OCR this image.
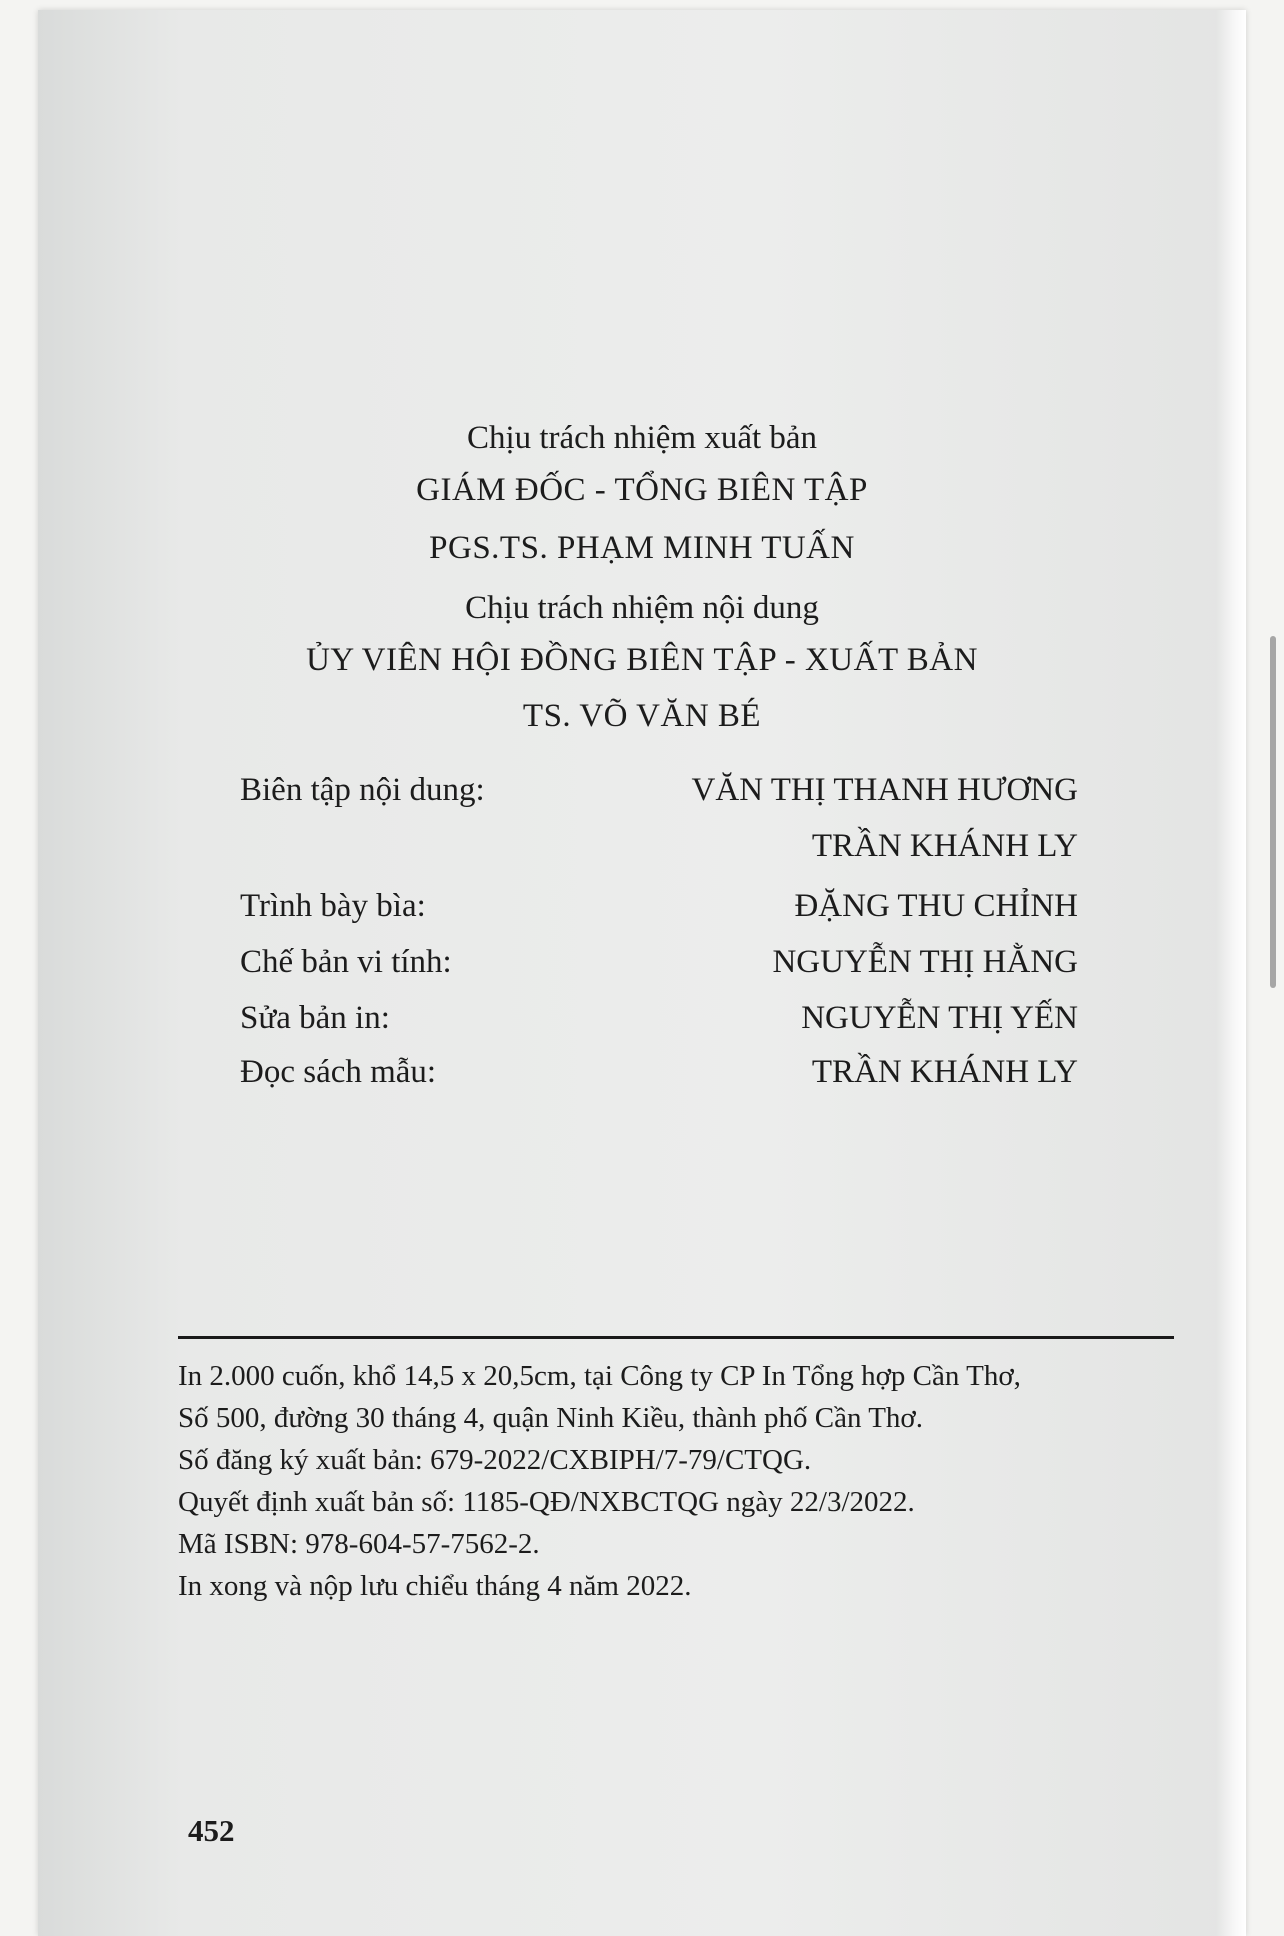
Chịu trách nhiệm xuất bản
GIÁM ĐỐC - TỔNG BIÊN TẬP
PGS.TS. PHẠM MINH TUẤN
Chịu trách nhiệm nội dung
ỦY VIÊN HỘI ĐỒNG BIÊN TẬP - XUẤT BẢN
TS. VÕ VĂN BÉ
Biên tập nội dung:	VĂN THỊ THANH HƯƠNG
TRẦN KHÁNH LY
Trình bày bìa:	ĐẶNG THU CHỈNH
Chế bản vi tính:	NGUYỄN THỊ HẰNG
Sửa bản in:	NGUYỄN THỊ YẾN
Đọc sách mẫu:	TRẦN KHÁNH LY
In 2.000 cuốn, khổ 14,5 x 20,5cm, tại Công ty CP In Tổng hợp Cần Thơ,
Số 500, đường 30 tháng 4, quận Ninh Kiều, thành phố Cần Thơ.
Số đăng ký xuất bản: 679-2022/CXBIPH/7-79/CTQG.
Quyết định xuất bản số: 1185-QĐ/NXBCTQG ngày 22/3/2022.
Mã ISBN: 978-604-57-7562-2.
In xong và nộp lưu chiểu tháng 4 năm 2022.
452
